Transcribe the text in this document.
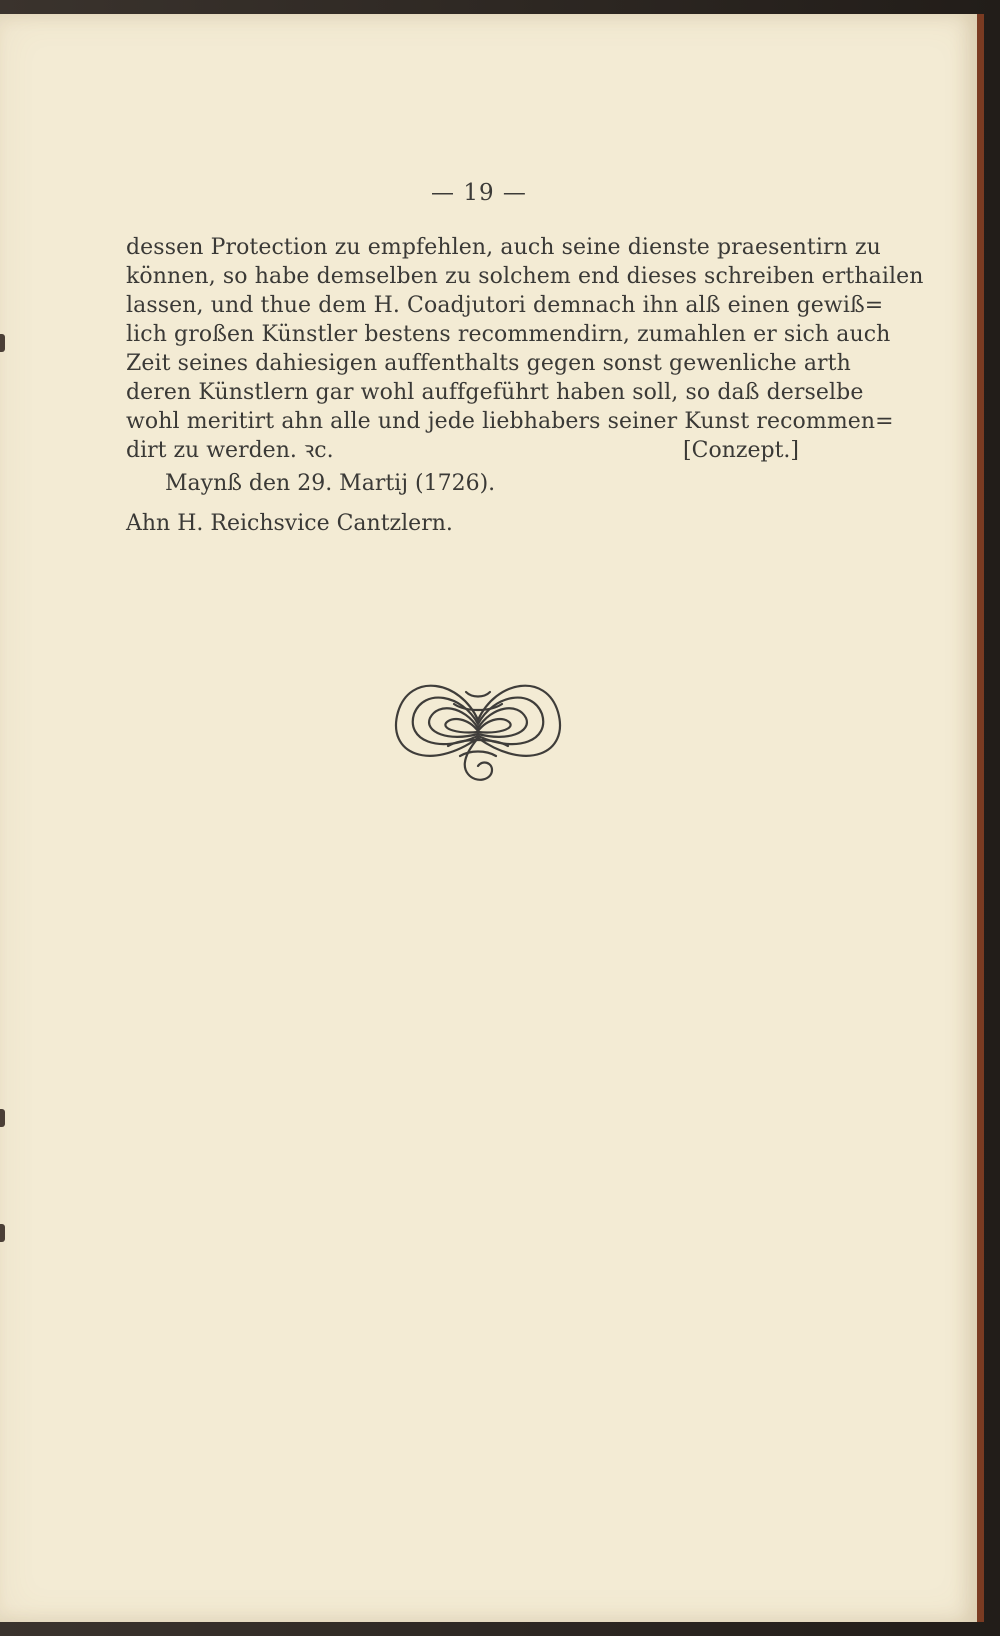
— 19 —

dessen Protection zu empfehlen, auch seine dienste praesentirn zu
können, so habe demselben zu solchem end dieses schreiben erthailen
lassen, und thue dem H. Coadjutori demnach ihn alß einen gewiß=
lich großen Künstler bestens recommendirn, zumahlen er sich auch
Zeit seines dahiesigen auffenthalts gegen sonst gewenliche arth
deren Künstlern gar wohl auffgeführt haben soll, so daß derselbe
wohl meritirt ahn alle und jede liebhabers seiner Kunst recommen=
dirt zu werden. ꝛc.	[Conzept.]

Maynß den 29. Martij (1726).
Ahn H. Reichsvice Cantzlern.
